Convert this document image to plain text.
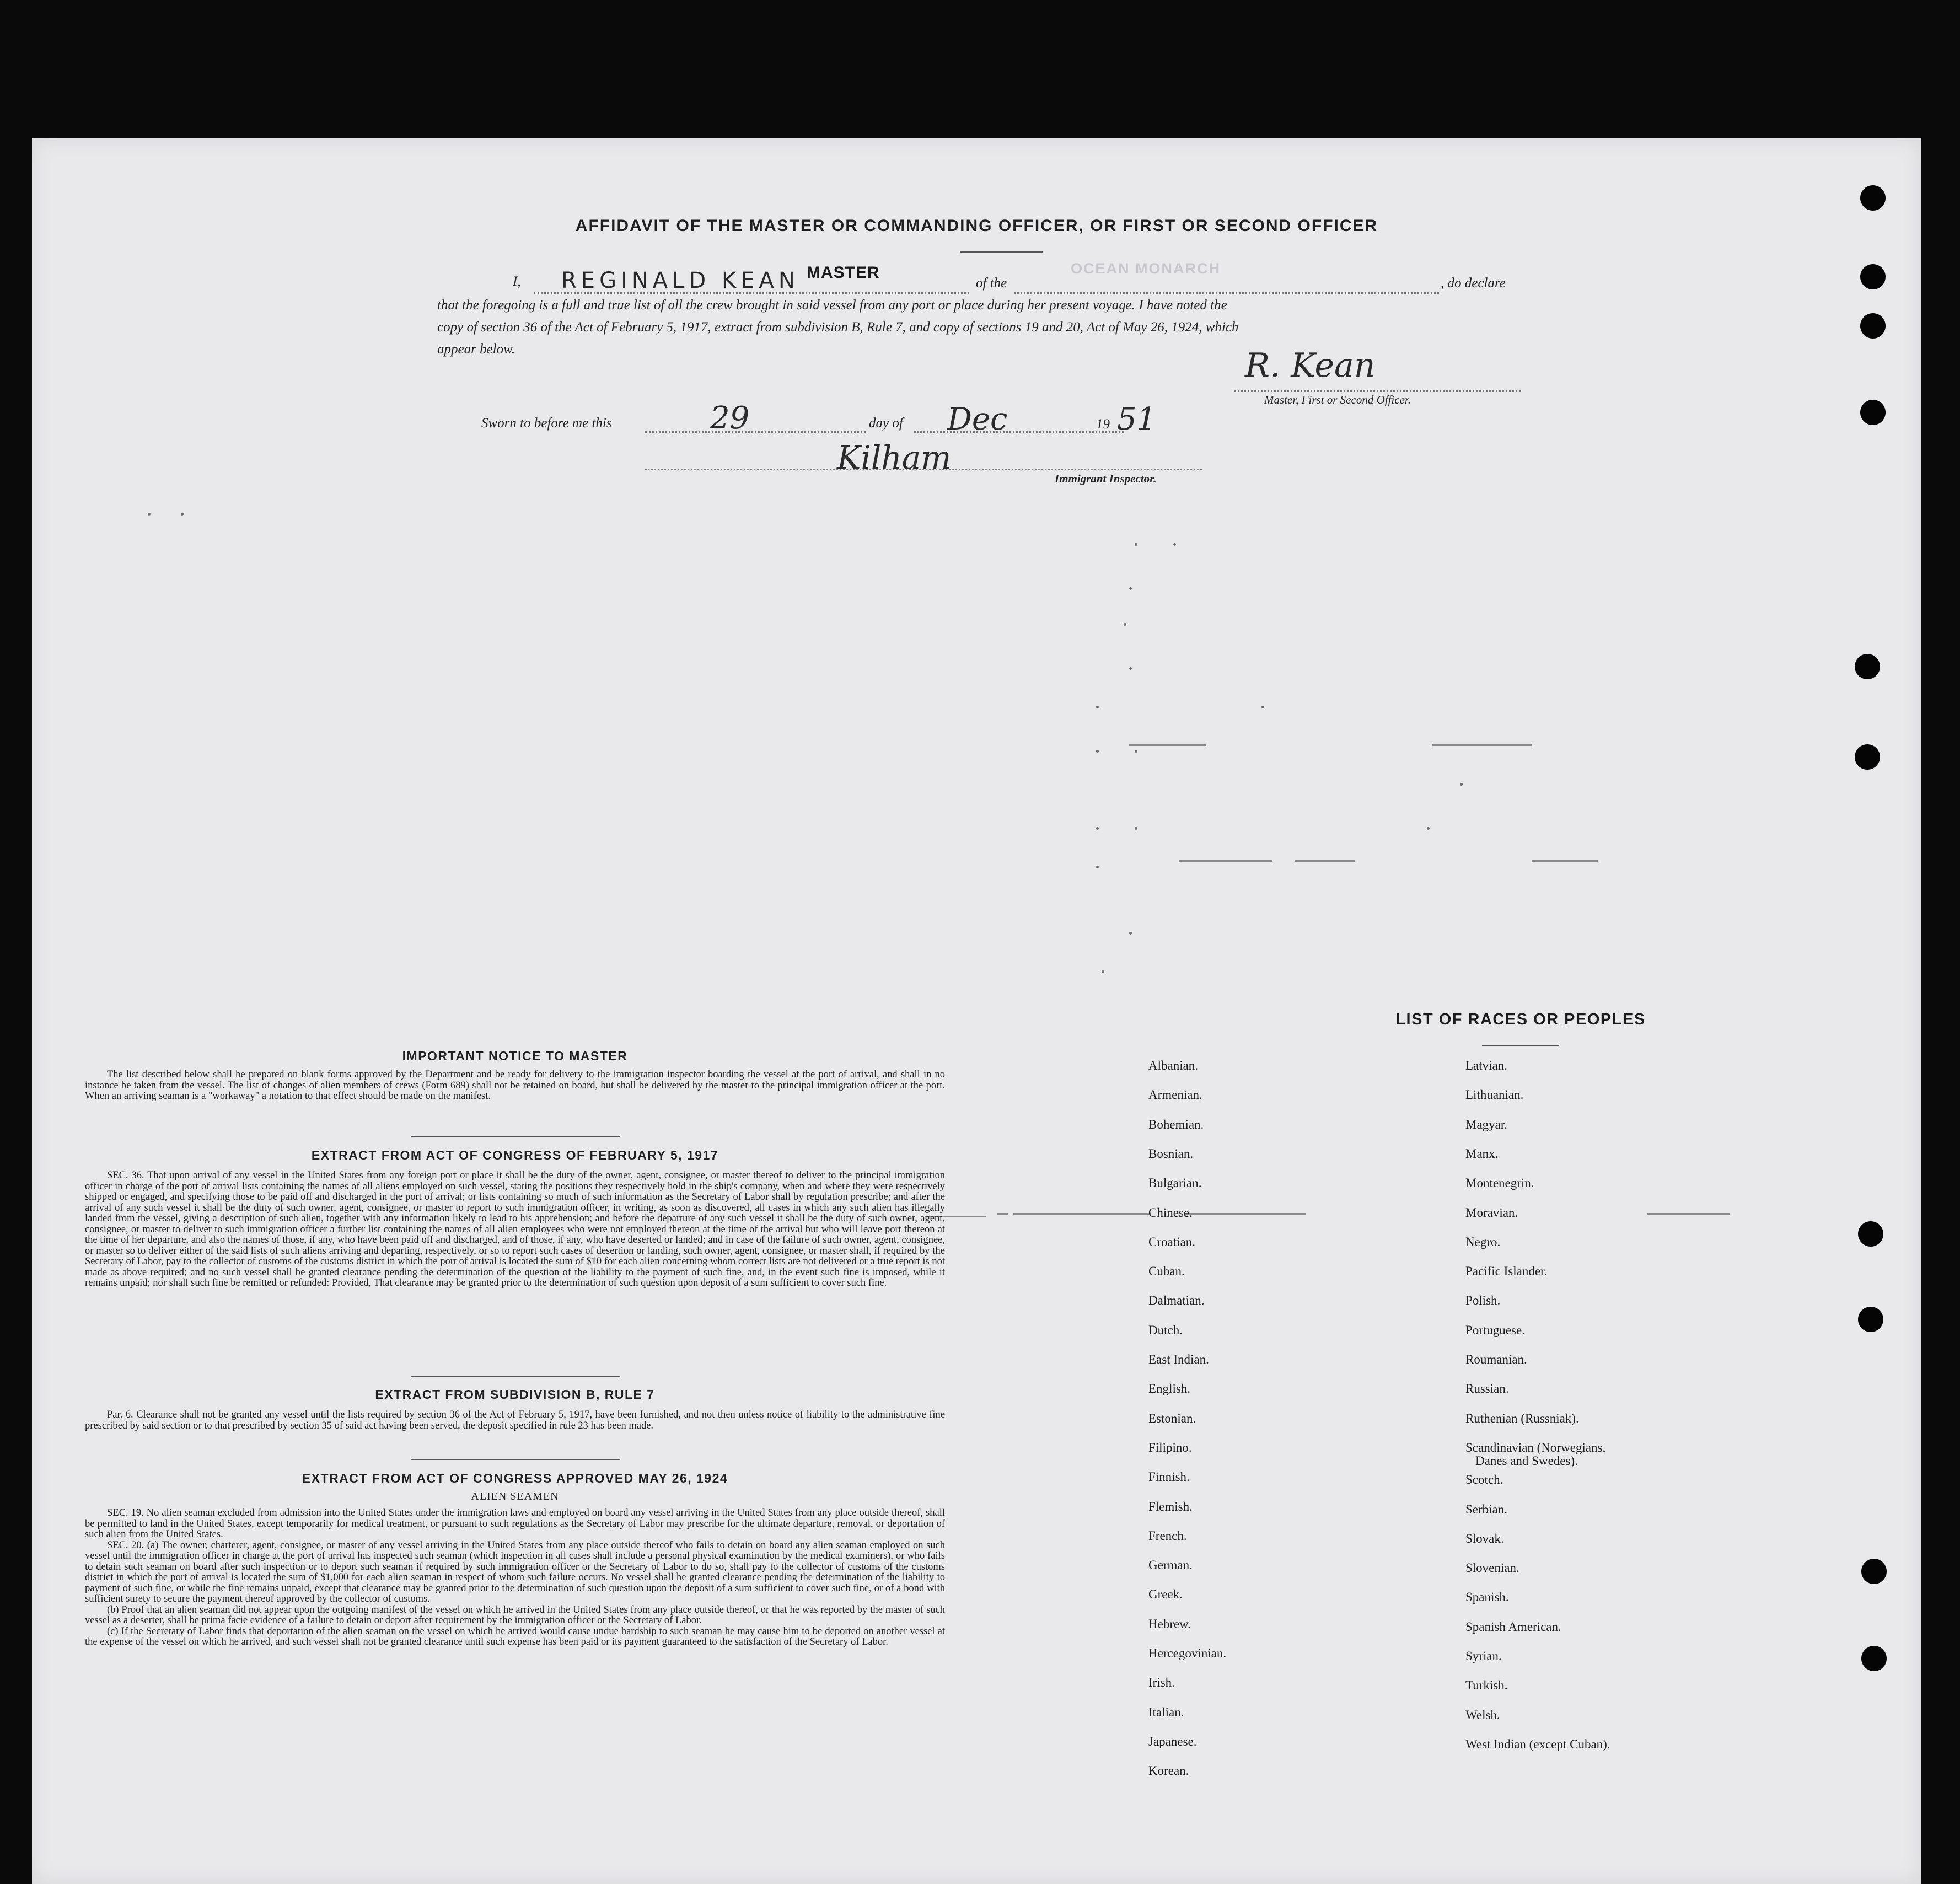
AFFIDAVIT OF THE MASTER OR COMMANDING OFFICER, OR FIRST OR SECOND OFFICER
I, REGINALD KEAN MASTER
of the
OCEAN MONARCH
, do declare
that the foregoing is a full and true list of all the crew brought in said vessel from any port or place during her present voyage. I have noted the
copy of section 36 of the Act of February 5, 1917, extract from subdivision B, Rule 7, and copy of sections 19 and 20, Act of May 26, 1924, which
appear below.	R. Kean
Master, First or Second Officer.
Sworn to before me this	29	day of Dec	19 51
Kilham
Immigrant Inspector.
IMPORTANT NOTICE TO MASTER

The list described below shall be prepared on blank forms approved by the Department and be ready for delivery to the immigration inspector boarding the vessel at the port of arrival, and shall in no instance be taken from the vessel. The list of changes of alien members of crews (Form 689) shall not be retained on board, but shall be delivered by the master to the principal immigration officer at the port. When an arriving seaman is a "workaway" a notation to that effect should be made on the manifest.

EXTRACT FROM ACT OF CONGRESS OF FEBRUARY 5, 1917

SEC. 36. That upon arrival of any vessel in the United States from any foreign port or place it shall be the duty of the owner, agent, consignee, or master thereof to deliver to the principal immigration officer in charge of the port of arrival lists containing the names of all aliens employed on such vessel, stating the positions they respectively hold in the ship's company, when and where they were respectively shipped or engaged, and specifying those to be paid off and discharged in the port of arrival; or lists containing so much of such information as the Secretary of Labor shall by regulation prescribe; and after the arrival of any such vessel it shall be the duty of such owner, agent, consignee, or master to report to such immigration officer, in writing, as soon as discovered, all cases in which any such alien has illegally landed from the vessel, giving a description of such alien, together with any information likely to lead to his apprehension; and before the departure of any such vessel it shall be the duty of such owner, agent, consignee, or master to deliver to such immigration officer a further list containing the names of all alien employees who were not employed thereon at the time of the arrival but who will leave port thereon at the time of her departure, and also the names of those, if any, who have been paid off and discharged, and of those, if any, who have deserted or landed; and in case of the failure of such owner, agent, consignee, or master so to deliver either of the said lists of such aliens arriving and departing, respectively, or so to report such cases of desertion or landing, such owner, agent, consignee, or master shall, if required by the Secretary of Labor, pay to the collector of customs of the customs district in which the port of arrival is located the sum of $10 for each alien concerning whom correct lists are not delivered or a true report is not made as above required; and no such vessel shall be granted clearance pending the determination of the question of the liability to the payment of such fine, and, in the event such fine is imposed, while it remains unpaid; nor shall such fine be remitted or refunded: Provided, That clearance may be granted prior to the determination of such question upon deposit of a sum sufficient to cover such fine.

EXTRACT FROM SUBDIVISION B, RULE 7

Par. 6. Clearance shall not be granted any vessel until the lists required by section 36 of the Act of February 5, 1917, have been furnished, and not then unless notice of liability to the administrative fine prescribed by said section or to that prescribed by section 35 of said act having been served, the deposit specified in rule 23 has been made.

EXTRACT FROM ACT OF CONGRESS APPROVED MAY 26, 1924
ALIEN SEAMEN

SEC. 19. No alien seaman excluded from admission into the United States under the immigration laws and employed on board any vessel arriving in the United States from any place outside thereof, shall be permitted to land in the United States, except temporarily for medical treatment, or pursuant to such regulations as the Secretary of Labor may prescribe for the ultimate departure, removal, or deportation of such alien from the United States.

SEC. 20. (a) The owner, charterer, agent, consignee, or master of any vessel arriving in the United States from any place outside thereof who fails to detain on board any alien seaman employed on such vessel until the immigration officer in charge at the port of arrival has inspected such seaman (which inspection in all cases shall include a personal physical examination by the medical examiners), or who fails to detain such seaman on board after such inspection or to deport such seaman if required by such immigration officer or the Secretary of Labor to do so, shall pay to the collector of customs of the customs district in which the port of arrival is located the sum of $1,000 for each alien seaman in respect of whom such failure occurs. No vessel shall be granted clearance pending the determination of the liability to payment of such fine, or while the fine remains unpaid, except that clearance may be granted prior to the determination of such question upon the deposit of a sum sufficient to cover such fine, or of a bond with sufficient surety to secure the payment thereof approved by the collector of customs.

(b) Proof that an alien seaman did not appear upon the outgoing manifest of the vessel on which he arrived in the United States from any place outside thereof, or that he was reported by the master of such vessel as a deserter, shall be prima facie evidence of a failure to detain or deport after requirement by the immigration officer or the Secretary of Labor.

(c) If the Secretary of Labor finds that deportation of the alien seaman on the vessel on which he arrived would cause undue hardship to such seaman he may cause him to be deported on another vessel at the expense of the vessel on which he arrived, and such vessel shall not be granted clearance until such expense has been paid or its payment guaranteed to the satisfaction of the Secretary of Labor.

LIST OF RACES OR PEOPLES
Albanian.
Armenian.
Bohemian.
Bosnian.
Bulgarian.
Chinese.
Croatian.
Cuban.
Dalmatian.
Dutch.
East Indian.
English.
Estonian.
Filipino.
Finnish.
Flemish.
French.
German.
Greek.
Hebrew.
Hercegovinian.
Irish.
Italian.
Japanese.
Korean.
Latvian.
Lithuanian.
Magyar.
Manx.
Montenegrin.
Moravian.
Negro.
Pacific Islander.
Polish.
Portuguese.
Roumanian.
Russian.
Ruthenian (Russniak).
Scandinavian (Norwegians,
Danes and Swedes).
Scotch.
Serbian.
Slovak.
Slovenian.
Spanish.
Spanish American.
Syrian.
Turkish.
Welsh.
West Indian (except Cuban).
